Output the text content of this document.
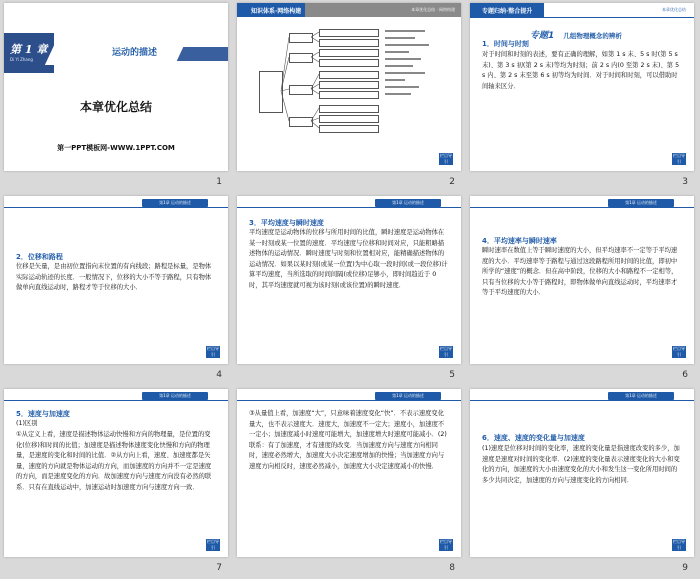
第 1 章
Di Yi Zhang
运动的描述
本章优化总结
第一PPT模板网-WWW.1PPT.COM
1
知识体系·网络构建	本章优化总结 · 网络构建
栏目导引
2
专题归纳·整合提升	本章优化总结
专题1 几组物理概念的辨析
1．时间与时刻
对于时间和时刻的表述，要有正确的理解，如第 1 s 末、5 s 时(第 5 s 末)、第 3 s 初(第 2 s 末)等均为时刻；前 2 s 内(0 至第 2 s 末)、第 5 s 内、第 2 s 末至第 6 s 初等均为时间．对于时间和时刻，可以借助时间轴来区分．
栏目导引
3
第1章 运动的描述
2．位移和路程
位移是矢量，是由初位置指向末位置的有向线段；路程是标量，是物体实际运动轨迹的长度．一般情况下，位移的大小不等于路程，只有物体做单向直线运动时，路程才等于位移的大小．
栏目导引
4
第1章 运动的描述
3．平均速度与瞬时速度
平均速度是运动物体的位移与所用时间的比值，瞬时速度是运动物体在某一时刻或某一位置的速度．平均速度与位移和时间对应，只能粗略描述物体的运动情况．瞬时速度与时刻和位置相对应，能精确描述物体的运动情况．如果以某时刻(或某一位置)为中心取一段时间(或一段位移)计算平均速度，当所选取的时间间隔(或位移)足够小，即时间趋近于 0 时，其平均速度就可视为该时刻(或该位置)的瞬时速度．
栏目导引
5
第1章 运动的描述
4．平均速率与瞬时速率
瞬时速率在数值上等于瞬时速度的大小，但平均速率不一定等于平均速度的大小．平均速率等于路程与通过这段路程所用时间的比值，即初中所学的“速度”的概念．但在高中阶段，位移的大小和路程不一定相等，只有当位移的大小等于路程时，即物体做单向直线运动时，平均速率才等于平均速度的大小．
栏目导引
6
第1章 运动的描述
5．速度与加速度
(1)区别
①从定义上看，速度是描述物体运动快慢和方向的物理量，是位置的变化(位移)和时间的比值；加速度是描述物体速度变化快慢和方向的物理量，是速度的变化和时间的比值．②从方向上看，速度、加速度都是矢量，速度的方向就是物体运动的方向，而加速度的方向并不一定是速度的方向，而是速度变化的方向．故加速度方向与速度方向没有必然的联系．只有在直线运动中，加速运动时加速度方向与速度方向一致．
栏目导引
7
第1章 运动的描述
③从量值上看，加速度“大”，只意味着速度变化“快”．不表示速度变化量大，也不表示速度大．速度大，加速度不一定大；速度小，加速度不一定小；加速度减小时速度可能增大，加速度增大时速度可能减小．(2)联系：有了加速度，才有速度的改变．当加速度方向与速度方向相同时，速度必然增大，加速度大小决定速度增加的快慢；当加速度方向与速度方向相反时，速度必然减小，加速度大小决定速度减小的快慢．
栏目导引
8
第1章 运动的描述
6．速度、速度的变化量与加速度
(1)速度是位移对时间的变化率，速度的变化量是指速度改变的多少，加速度是速度对时间的变化率．(2)速度的变化量表示速度变化的大小和变化的方向，加速度的大小由速度变化的大小和发生这一变化所用时间的多少共同决定，加速度的方向与速度变化的方向相同．
栏目导引
9
